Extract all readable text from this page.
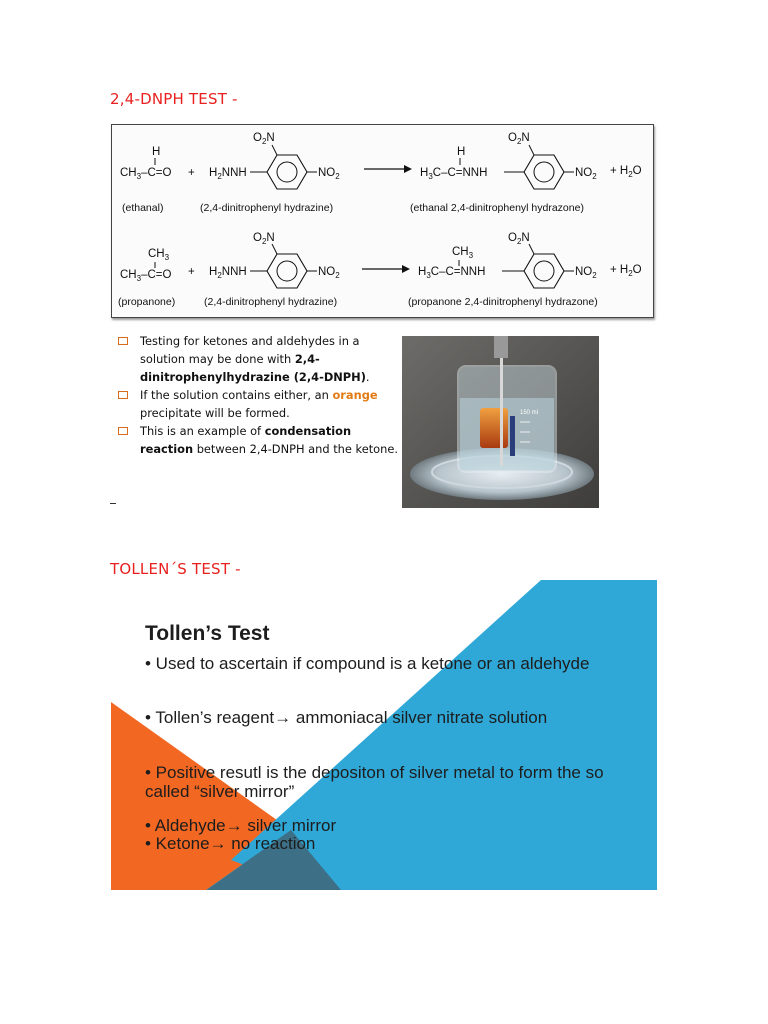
2,4-DNPH TEST -
H
$CH_3-C=O + H_2NNH$
$O_2N$
$NO_2$
H
$H_3C-C=NNH$
$O_2N$
$NO_2 + H_2O$
(ethanal)	(2,4-dinitrophenyl hydrazine)	(ethanal 2,4-dinitrophenyl hydrazone)
$CH_3$
$CH_3-C=O + H_2NNH$
$O_2N$
$NO_2$
$CH_3$
$H_3C-C=NNH$
$O_2N$
$NO_2 + H_2O$
(propanone)	(2,4-dinitrophenyl hydrazine)	(propanone 2,4-dinitrophenyl hydrazone)
Testing for ketones and aldehydes in a solution may be done with 2,4-dinitrophenylhydrazine (2,4-DNPH).
If the solution contains either, an orange precipitate will be formed.
This is an example of condensation reaction between 2,4-DNPH and the ketone.
150 ml
TOLLEN´S TEST -
Tollen’s Test
• Used to ascertain if compound is a ketone or an aldehyde
• Tollen’s reagent→ ammoniacal silver nitrate solution
• Positive resutl is the depositon of silver metal to form the so called “silver mirror”
• Aldehyde→ silver mirror
• Ketone→ no reaction
